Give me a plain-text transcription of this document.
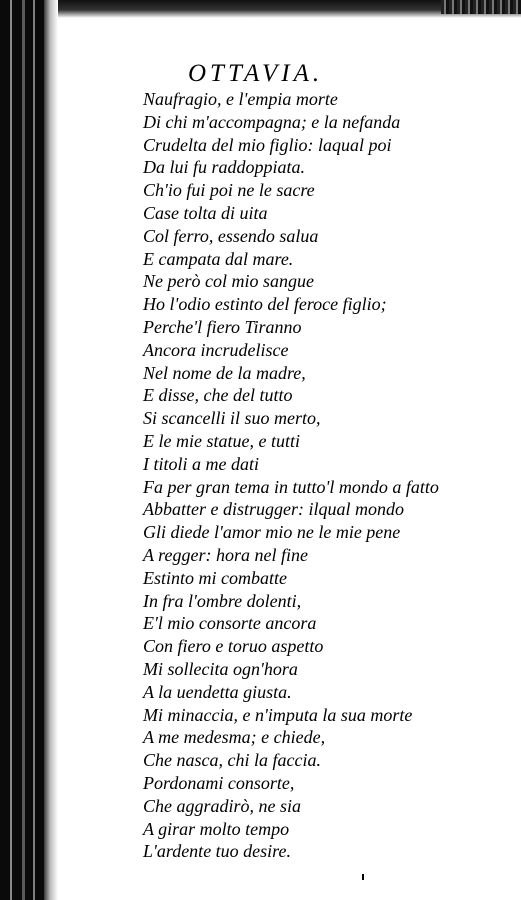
OTTAVIA.
Naufragio, e l'empia morte
Di chi m'accompagna; e la nefanda
Crudelta del mio figlio: laqual poi
Da lui fu raddoppiata.
Ch'io fui poi ne le sacre
Case tolta di uita
Col ferro, essendo salua
E campata dal mare.
Ne però col mio sangue
Ho l'odio estinto del feroce figlio;
Perche'l fiero Tiranno
Ancora incrudelisce
Nel nome de la madre,
E disse, che del tutto
Si scancelli il suo merto,
E le mie statue, e tutti
I titoli a me dati
Fa per gran tema in tutto'l mondo a fatto
Abbatter e distrugger: ilqual mondo
Gli diede l'amor mio ne le mie pene
A regger: hora nel fine
Estinto mi combatte
In fra l'ombre dolenti,
E'l mio consorte ancora
Con fiero e toruo aspetto
Mi sollecita ogn'hora
A la uendetta giusta.
Mi minaccia, e n'imputa la sua morte
A me medesma; e chiede,
Che nasca, chi la faccia.
Pordonami consorte,
Che aggradirò, ne sia
A girar molto tempo
L'ardente tuo desire.
